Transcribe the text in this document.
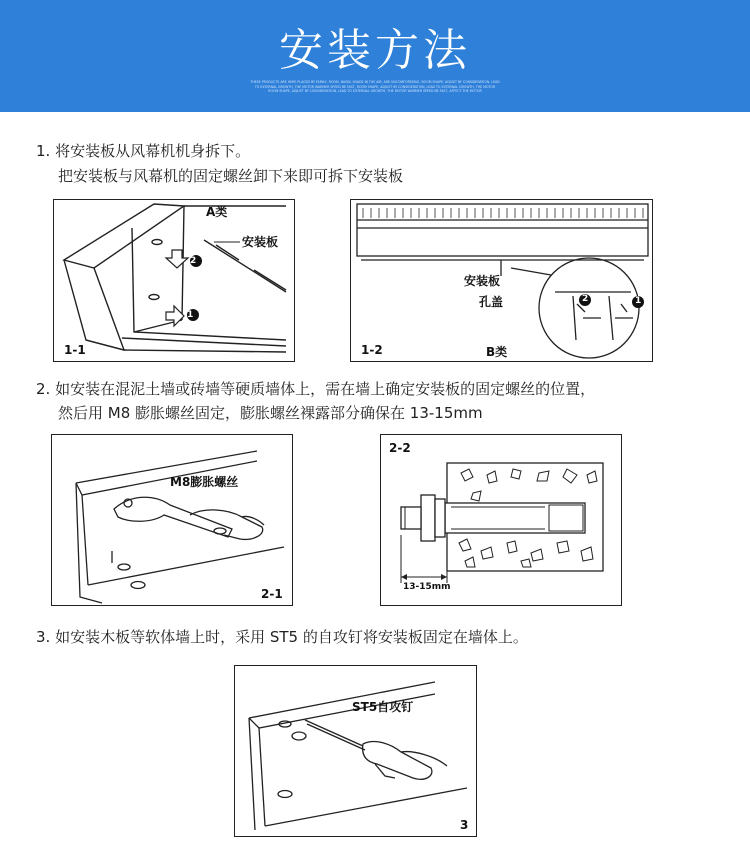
安装方法
THESE PRODUCTS ARE HERE PLACED BY FAMILY, ROOM, BASIN, SHADE IN THE AIR, ARE UNCOMFORTABLE, ROOM SHAPE, ADJUST BY CONSIDERATION, LEAD
TO EXTERNAL GROWTH, THE MOTOR WARMER SPEED BE FAST, ROOM SHAPE, ADJUST BY CONSIDERATION, LEAD TO EXTERNAL GROWTH, THE MOTOR
ROOM SHAPE, ADJUST BY CONSIDERATION, LEAD TO EXTERNAL GROWTH, THE MOTOR WARMER SPEED BE FAST, AFFECT THE MOTOR
1. 将安装板从风幕机机身拆下。
把安装板与风幕机的固定螺丝卸下来即可拆下安装板
2
1
A类
安装板
1-1
2	1
安装板
孔盖
1-2	B类
2. 如安装在混泥土墙或砖墙等硬质墙体上，需在墙上确定安装板的固定螺丝的位置，
然后用 M8 膨胀螺丝固定，膨胀螺丝裸露部分确保在 13-15mm
M8膨胀螺丝
2-1
2-2
13-15mm
3. 如安装木板等软体墙上时，采用 ST5 的自攻钉将安装板固定在墙体上。
ST5自攻钉
3
